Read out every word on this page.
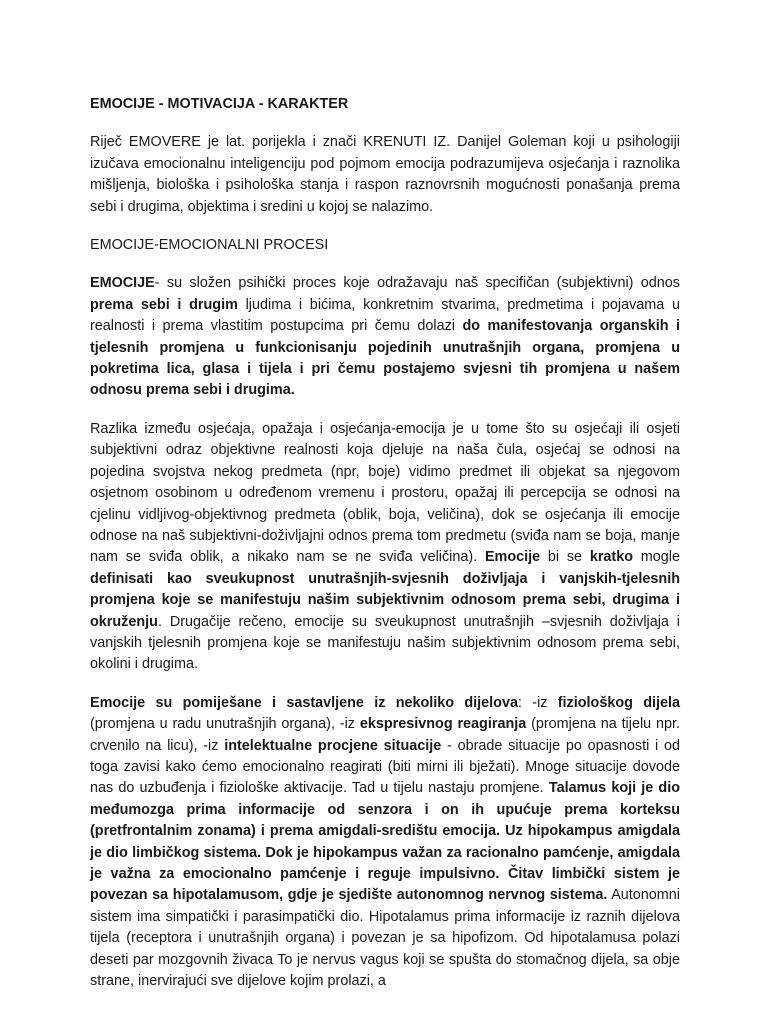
EMOCIJE - MOTIVACIJA - KARAKTER

Riječ EMOVERE je lat. porijekla i znači KRENUTI IZ. Danijel Goleman koji u psihologiji izučava emocionalnu inteligenciju pod pojmom emocija podrazumijeva osjećanja i raznolika mišljenja, biološka i psihološka stanja i raspon raznovrsnih mogućnosti ponašanja prema sebi i drugima, objektima i sredini u kojoj se nalazimo.

EMOCIJE-EMOCIONALNI PROCESI

EMOCIJE- su složen psihički proces koje odražavaju naš specifičan (subjektivni) odnos prema sebi i drugim ljudima i bićima, konkretnim stvarima, predmetima i pojavama u realnosti i prema vlastitim postupcima pri čemu dolazi do manifestovanja organskih i tjelesnih promjena u funkcionisanju pojedinih unutrašnjih organa, promjena u pokretima lica, glasa i tijela i pri čemu postajemo svjesni tih promjena u našem odnosu prema sebi i drugima.

Razlika između osjećaja, opažaja i osjećanja-emocija je u tome što su osjećaji ili osjeti subjektivni odraz objektivne realnosti koja djeluje na naša čula, osjećaj se odnosi na pojedina svojstva nekog predmeta (npr, boje) vidimo predmet ili objekat sa njegovom osjetnom osobinom u određenom vremenu i prostoru, opažaj ili percepcija se odnosi na cjelinu vidljivog-objektivnog predmeta (oblik, boja, veličina), dok se osjećanja ili emocije odnose na naš subjektivni-doživljajni odnos prema tom predmetu (sviđa nam se boja, manje nam se sviđa oblik, a nikako nam se ne sviđa veličina). Emocije bi se kratko mogle definisati kao sveukupnost unutrašnjih-svjesnih doživljaja i vanjskih-tjelesnih promjena koje se manifestuju našim subjektivnim odnosom prema sebi, drugima i okruženju. Drugačije rečeno, emocije su sveukupnost unutrašnjih –svjesnih doživljaja i vanjskih tjelesnih promjena koje se manifestuju našim subjektivnim odnosom prema sebi, okolini i drugima.

Emocije su pomiješane i sastavljene iz nekoliko dijelova: -iz fiziološkog dijela (promjena u radu unutrašnjih organa), -iz ekspresivnog reagiranja (promjena na tijelu npr. crvenilo na licu), -iz intelektualne procjene situacije - obrade situacije po opasnosti i od toga zavisi kako ćemo emocionalno reagirati (biti mirni ili bježati). Mnoge situacije dovode nas do uzbuđenja i fiziološke aktivacije. Tad u tijelu nastaju promjene. Talamus koji je dio međumozga prima informacije od senzora i on ih upućuje prema korteksu (pretfrontalnim zonama) i prema amigdali-središtu emocija. Uz hipokampus amigdala je dio limbičkog sistema. Dok je hipokampus važan za racionalno pamćenje, amigdala je važna za emocionalno pamćenje i reguje impulsivno. Čitav limbički sistem je povezan sa hipotalamusom, gdje je sjedište autonomnog nervnog sistema. Autonomni sistem ima simpatički i parasimpatički dio. Hipotalamus prima informacije iz raznih dijelova tijela (receptora i unutrašnjih organa) i povezan je sa hipofizom. Od hipotalamusa polazi deseti par mozgovnih živaca To je nervus vagus koji se spušta do stomačnog dijela, sa obje strane, inervirajući sve dijelove kojim prolazi, a
